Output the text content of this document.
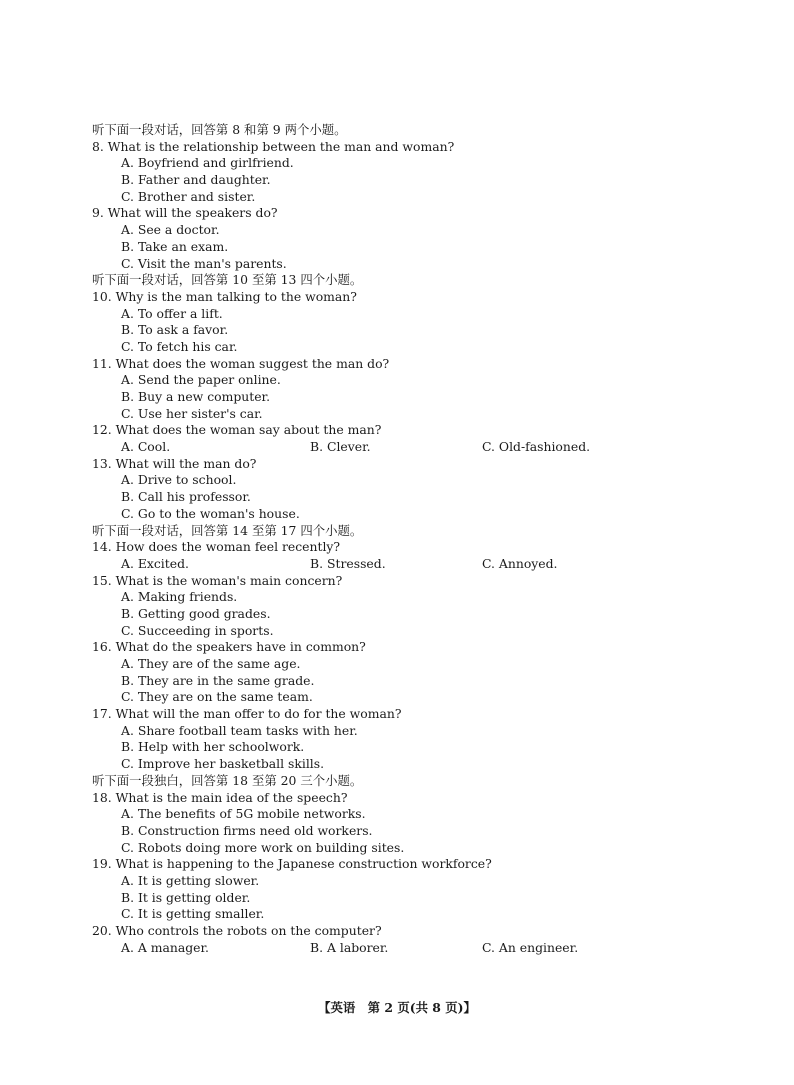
听下面一段对话，回答第 8 和第 9 两个小题。
8. What is the relationship between the man and woman?
A. Boyfriend and girlfriend.
B. Father and daughter.
C. Brother and sister.
9. What will the speakers do?
A. See a doctor.
B. Take an exam.
C. Visit the man's parents.
听下面一段对话，回答第 10 至第 13 四个小题。
10. Why is the man talking to the woman?
A. To offer a lift.
B. To ask a favor.
C. To fetch his car.
11. What does the woman suggest the man do?
A. Send the paper online.
B. Buy a new computer.
C. Use her sister's car.
12. What does the woman say about the man?
A. Cool.	B. Clever.	C. Old-fashioned.
13. What will the man do?
A. Drive to school.
B. Call his professor.
C. Go to the woman's house.
听下面一段对话，回答第 14 至第 17 四个小题。
14. How does the woman feel recently?
A. Excited.	B. Stressed.	C. Annoyed.
15. What is the woman's main concern?
A. Making friends.
B. Getting good grades.
C. Succeeding in sports.
16. What do the speakers have in common?
A. They are of the same age.
B. They are in the same grade.
C. They are on the same team.
17. What will the man offer to do for the woman?
A. Share football team tasks with her.
B. Help with her schoolwork.
C. Improve her basketball skills.
听下面一段独白，回答第 18 至第 20 三个小题。
18. What is the main idea of the speech?
A. The benefits of 5G mobile networks.
B. Construction firms need old workers.
C. Robots doing more work on building sites.
19. What is happening to the Japanese construction workforce?
A. It is getting slower.
B. It is getting older.
C. It is getting smaller.
20. Who controls the robots on the computer?
A. A manager.	B. A laborer.	C. An engineer.
【英语　第 2 页(共 8 页)】
